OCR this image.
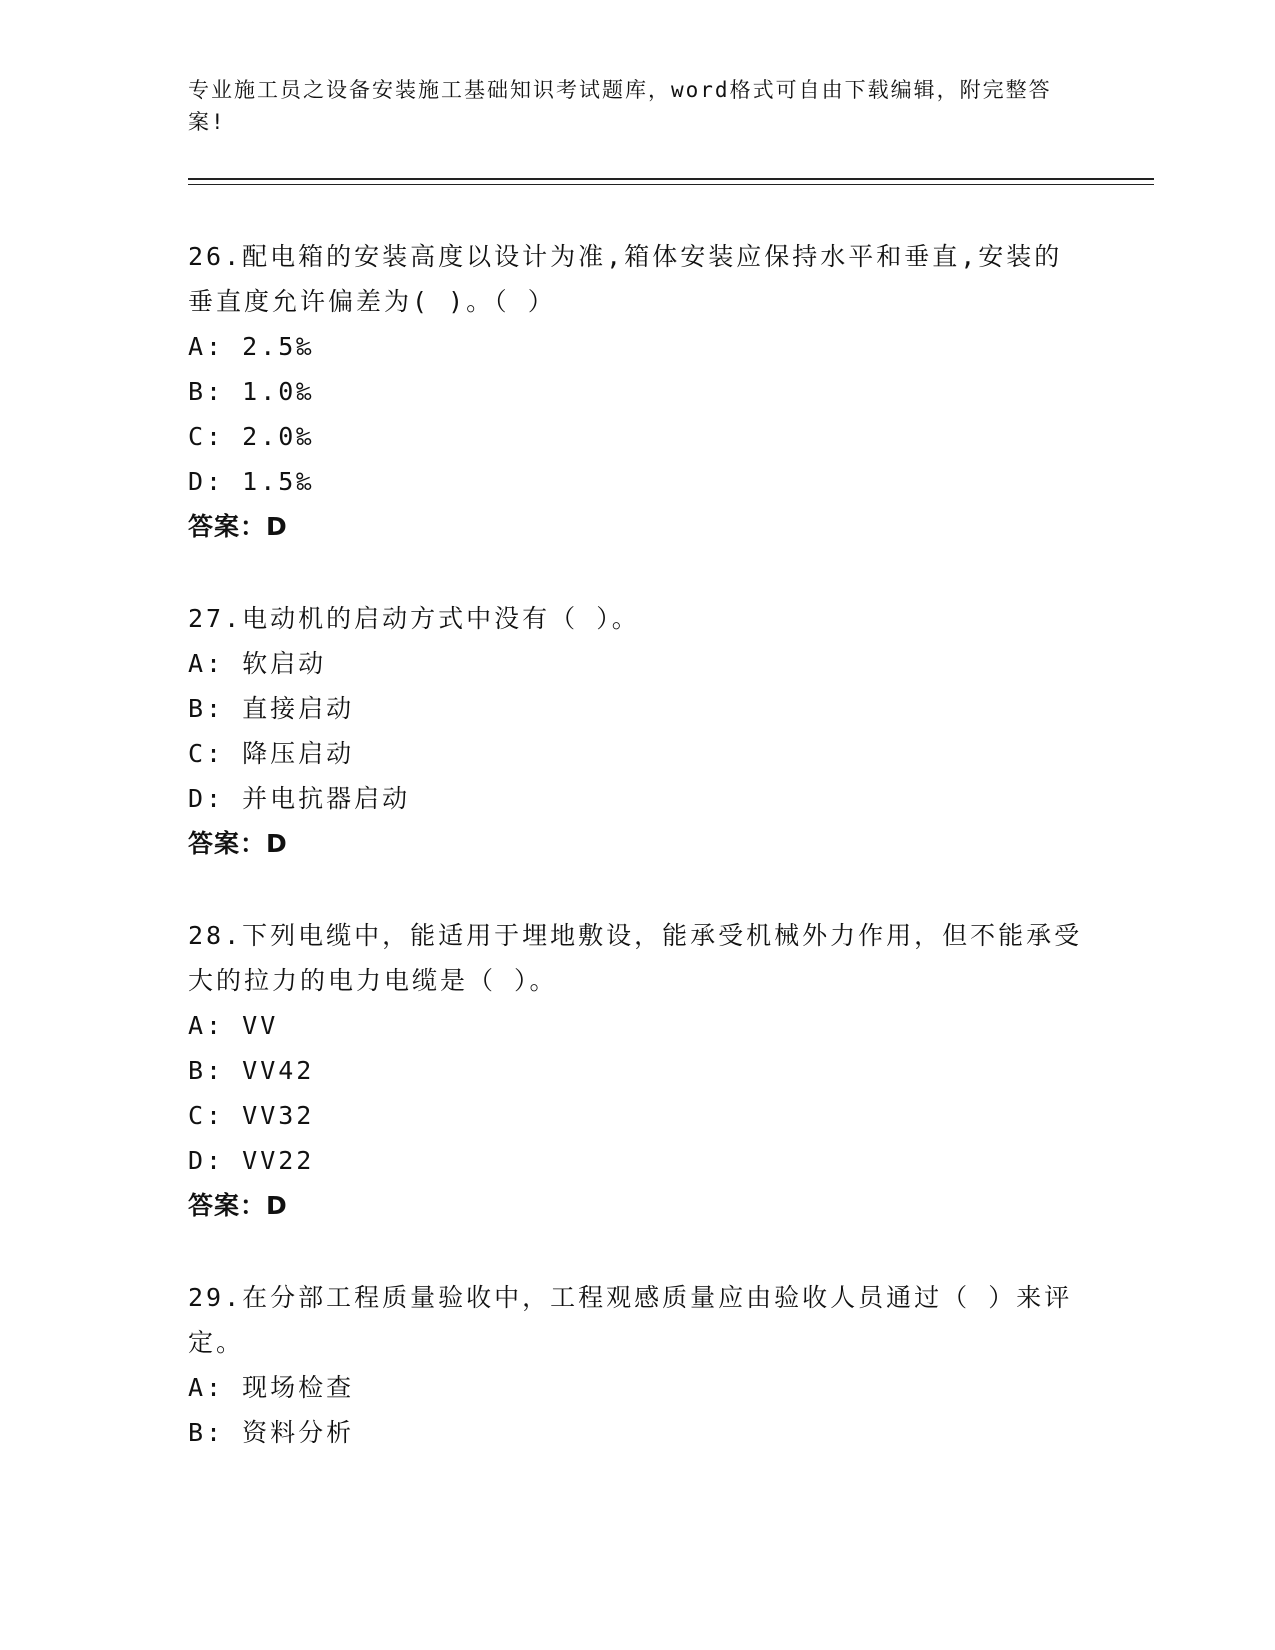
专业施工员之设备安装施工基础知识考试题库，word格式可自由下载编辑，附完整答案!
26.配电箱的安装高度以设计为准,箱体安装应保持水平和垂直,安装的垂直度允许偏差为( )。（ ）
A: 2.5‰
B: 1.0‰
C: 2.0‰
D: 1.5‰
答案：D
27.电动机的启动方式中没有（ ）。
A: 软启动
B: 直接启动
C: 降压启动
D: 并电抗器启动
答案：D
28.下列电缆中，能适用于埋地敷设，能承受机械外力作用，但不能承受大的拉力的电力电缆是（ ）。
A: VV
B: VV42
C: VV32
D: VV22
答案：D
29.在分部工程质量验收中，工程观感质量应由验收人员通过（ ）来评定。
A: 现场检查
B: 资料分析
